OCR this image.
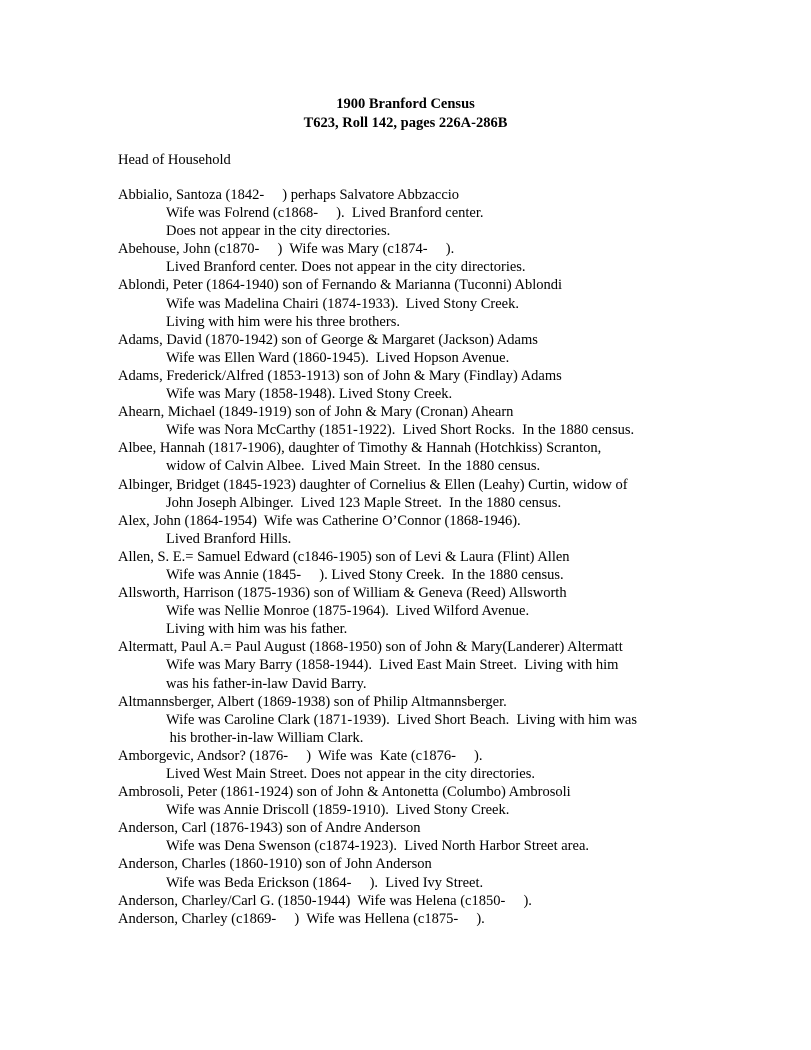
1900 Branford Census
T623, Roll 142, pages 226A-286B
Head of Household
Abbialio, Santoza (1842-     ) perhaps Salvatore Abbzaccio
Wife was Folrend (c1868-     ).  Lived Branford center.
Does not appear in the city directories.
Abehouse, John (c1870-     )  Wife was Mary (c1874-     ).
Lived Branford center. Does not appear in the city directories.
Ablondi, Peter (1864-1940) son of Fernando & Marianna (Tuconni) Ablondi
Wife was Madelina Chairi (1874-1933).  Lived Stony Creek.
Living with him were his three brothers.
Adams, David (1870-1942) son of George & Margaret (Jackson) Adams
Wife was Ellen Ward (1860-1945).  Lived Hopson Avenue.
Adams, Frederick/Alfred (1853-1913) son of John & Mary (Findlay) Adams
Wife was Mary (1858-1948). Lived Stony Creek.
Ahearn, Michael (1849-1919) son of John & Mary (Cronan) Ahearn
Wife was Nora McCarthy (1851-1922).  Lived Short Rocks.  In the 1880 census.
Albee, Hannah (1817-1906), daughter of Timothy & Hannah (Hotchkiss) Scranton,
widow of Calvin Albee.  Lived Main Street.  In the 1880 census.
Albinger, Bridget (1845-1923) daughter of Cornelius & Ellen (Leahy) Curtin, widow of
John Joseph Albinger.  Lived 123 Maple Street.  In the 1880 census.
Alex, John (1864-1954)  Wife was Catherine O’Connor (1868-1946).
Lived Branford Hills.
Allen, S. E.= Samuel Edward (c1846-1905) son of Levi & Laura (Flint) Allen
Wife was Annie (1845-     ). Lived Stony Creek.  In the 1880 census.
Allsworth, Harrison (1875-1936) son of William & Geneva (Reed) Allsworth
Wife was Nellie Monroe (1875-1964).  Lived Wilford Avenue.
Living with him was his father.
Altermatt, Paul A.= Paul August (1868-1950) son of John & Mary(Landerer) Altermatt
Wife was Mary Barry (1858-1944).  Lived East Main Street.  Living with him
was his father-in-law David Barry.
Altmannsberger, Albert (1869-1938) son of Philip Altmannsberger.
Wife was Caroline Clark (1871-1939).  Lived Short Beach.  Living with him was
his brother-in-law William Clark.
Amborgevic, Andsor? (1876-     )  Wife was  Kate (c1876-     ).
Lived West Main Street. Does not appear in the city directories.
Ambrosoli, Peter (1861-1924) son of John & Antonetta (Columbo) Ambrosoli
Wife was Annie Driscoll (1859-1910).  Lived Stony Creek.
Anderson, Carl (1876-1943) son of Andre Anderson
Wife was Dena Swenson (c1874-1923).  Lived North Harbor Street area.
Anderson, Charles (1860-1910) son of John Anderson
Wife was Beda Erickson (1864-     ).  Lived Ivy Street.
Anderson, Charley/Carl G. (1850-1944)  Wife was Helena (c1850-     ).
Anderson, Charley (c1869-     )  Wife was Hellena (c1875-     ).
